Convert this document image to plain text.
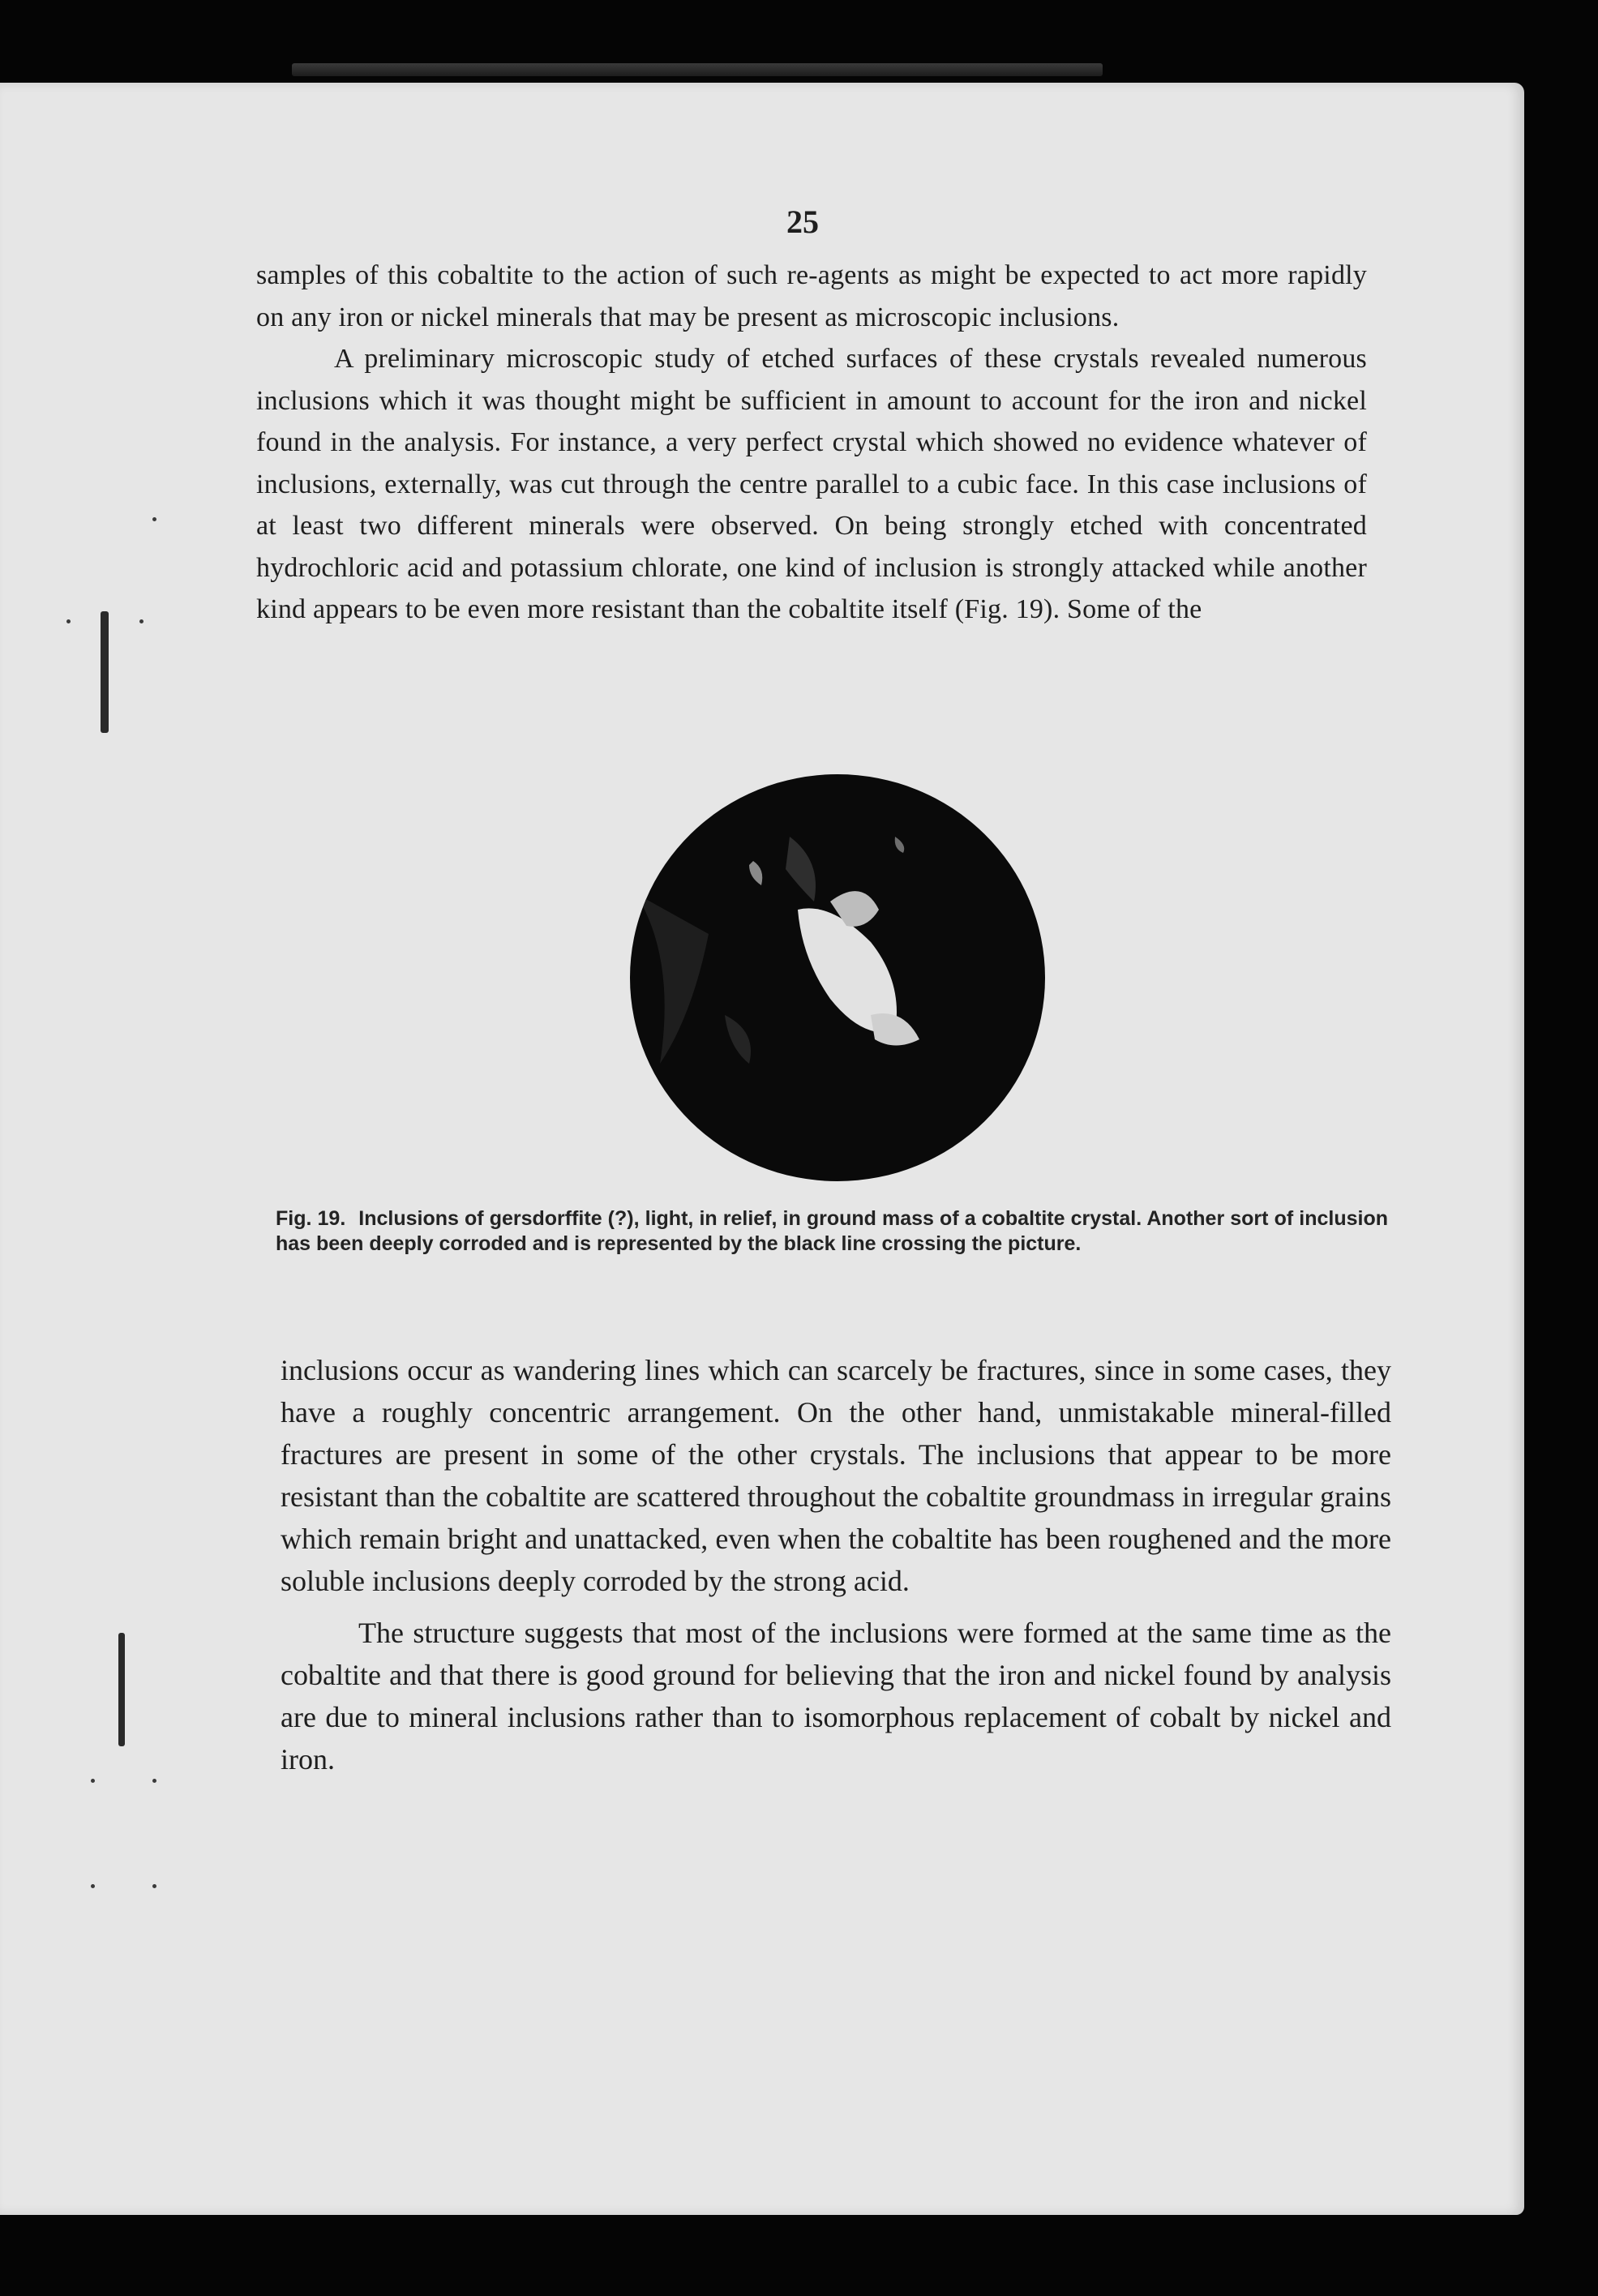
25

samples of this cobaltite to the action of such re-agents as might be expected to act more rapidly on any iron or nickel minerals that may be present as microscopic inclusions.

A preliminary microscopic study of etched surfaces of these crystals revealed numerous inclusions which it was thought might be sufficient in amount to account for the iron and nickel found in the analysis. For instance, a very perfect crystal which showed no evidence whatever of inclusions, externally, was cut through the centre parallel to a cubic face. In this case inclusions of at least two different minerals were observed. On being strongly etched with concentrated hydrochloric acid and potassium chlorate, one kind of inclusion is strongly attacked while another kind appears to be even more resistant than the cobaltite itself (Fig. 19). Some of the

Fig. 19. Inclusions of gersdorffite (?), light, in relief, in ground mass of a cobaltite crystal. Another sort of inclusion has been deeply corroded and is represented by the black line crossing the picture.

inclusions occur as wandering lines which can scarcely be fractures, since in some cases, they have a roughly concentric arrangement. On the other hand, unmistakable mineral-filled fractures are present in some of the other crystals. The inclusions that appear to be more resistant than the cobaltite are scattered throughout the cobaltite groundmass in irregular grains which remain bright and unattacked, even when the cobaltite has been roughened and the more soluble inclusions deeply corroded by the strong acid.

The structure suggests that most of the inclusions were formed at the same time as the cobaltite and that there is good ground for believing that the iron and nickel found by analysis are due to mineral inclusions rather than to isomorphous replacement of cobalt by nickel and iron.
